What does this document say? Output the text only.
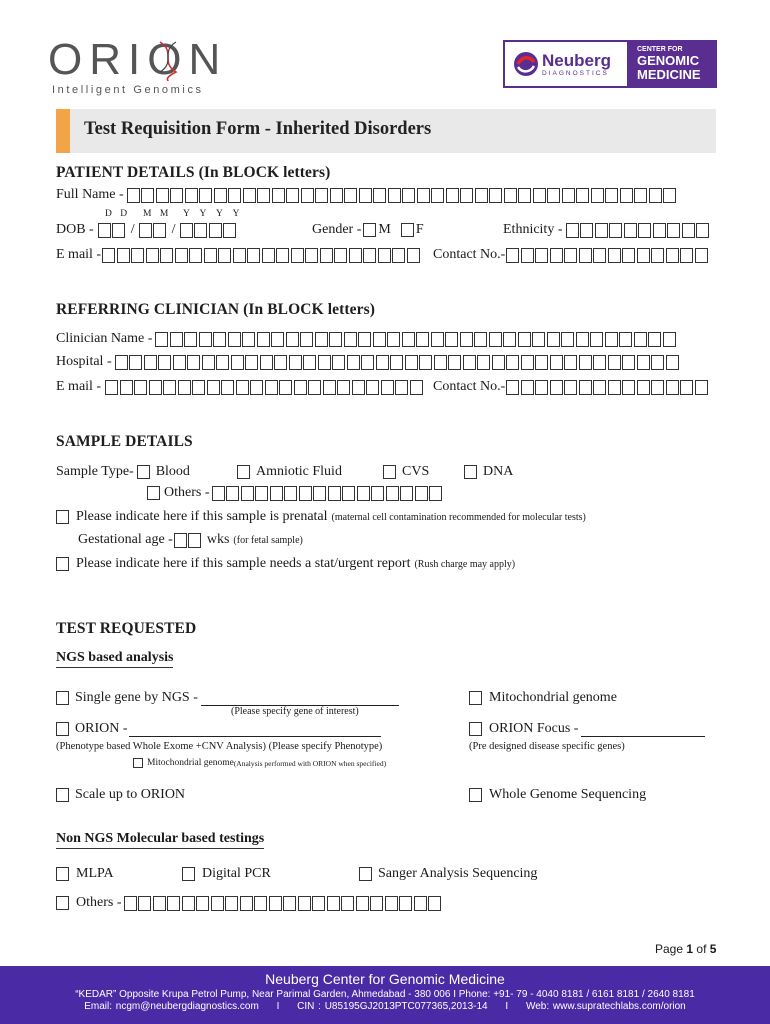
ORION
Intelligent Genomics
Neuberg
DIAGNOSTICS
CENTER FOR
GENOMIC
MEDICINE
Test Requisition Form - Inherited Disorders
PATIENT DETAILS (In BLOCK letters)
Full Name -
D D M M Y Y Y Y
DOB -	/	/	Gender - M F	Ethnicity -
E mail -	Contact No.-
REFERRING CLINICIAN (In BLOCK letters)
Clinician Name -
Hospital -
E mail -	Contact No.-
SAMPLE DETAILS
Sample Type- Blood	Amniotic Fluid	CVS	DNA
Others -
Please indicate here if this sample is prenatal (maternal cell contamination recommended for molecular tests)
Gestational age - wks (for fetal sample)
Please indicate here if this sample needs a stat/urgent report (Rush charge may apply)
TEST REQUESTED
NGS based analysis
Single gene by NGS -
(Please specify gene of interest)
Mitochondrial genome
ORION -
(Phenotype based Whole Exome +CNV Analysis) (Please specify Phenotype)
ORION Focus -
(Pre designed disease specific genes)
Mitochondrial genome (Analysis performed with ORION when specified)
Scale up to ORION	Whole Genome Sequencing
Non NGS Molecular based testings
MLPA	Digital PCR	Sanger Analysis Sequencing
Others -
Page 1 of 5
Neuberg Center for Genomic Medicine
“KEDAR” Opposite Krupa Petrol Pump, Near Parimal Garden, Ahmedabad - 380 006 I Phone: +91- 79 - 4040 8181 / 6161 8181 / 2640 8181
Email: ncgm@neubergdiagnostics.com I CIN : U85195GJ2013PTC077365,2013-14 I Web: www.supratechlabs.com/orion
